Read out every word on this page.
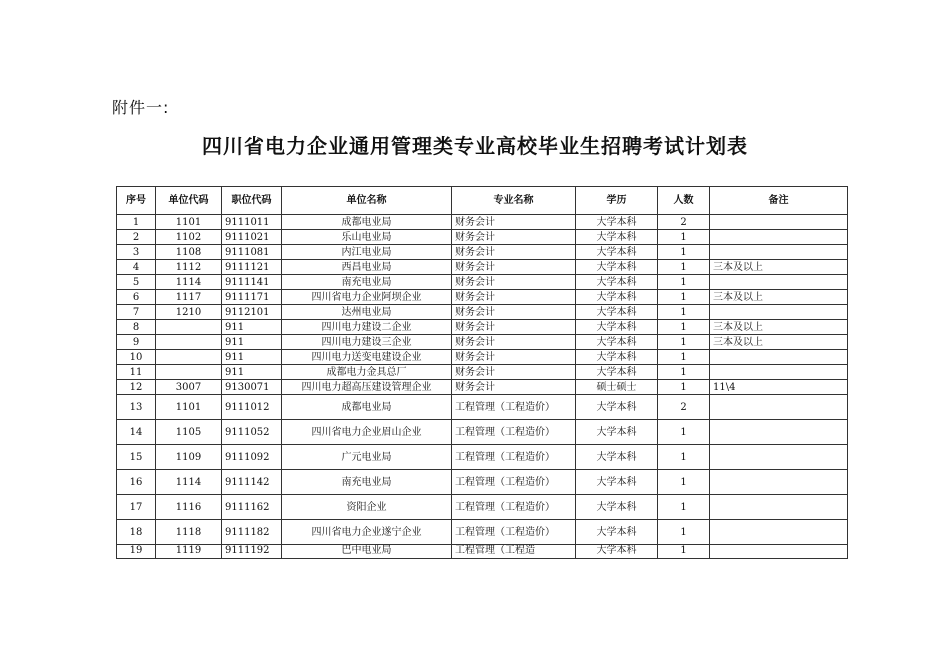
附件一:
四川省电力企业通用管理类专业高校毕业生招聘考试计划表
序号	单位代码	职位代码	单位名称	专业名称	学历	人数	备注
1	1101	9111011	成都电业局	财务会计	大学本科	2	
2	1102	9111021	乐山电业局	财务会计	大学本科	1	
3	1108	9111081	内江电业局	财务会计	大学本科	1	
4	1112	9111121	西昌电业局	财务会计	大学本科	1	三本及以上
5	1114	9111141	南充电业局	财务会计	大学本科	1	
6	1117	9111171	四川省电力企业阿坝企业	财务会计	大学本科	1	三本及以上
7	1210	9112101	达州电业局	财务会计	大学本科	1	
8		911	四川电力建设二企业	财务会计	大学本科	1	三本及以上
9		911	四川电力建设三企业	财务会计	大学本科	1	三本及以上
10		911	四川电力送变电建设企业	财务会计	大学本科	1	
11		911	成都电力金具总厂	财务会计	大学本科	1	
12	3007	9130071	四川电力超高压建设管理企业	财务会计	硕士硕士	1	11\4
13	1101	9111012	成都电业局	工程管理（工程造价）	大学本科	2	
14	1105	9111052	四川省电力企业眉山企业	工程管理（工程造价）	大学本科	1	
15	1109	9111092	广元电业局	工程管理（工程造价）	大学本科	1	
16	1114	9111142	南充电业局	工程管理（工程造价）	大学本科	1	
17	1116	9111162	资阳企业	工程管理（工程造价）	大学本科	1	
18	1118	9111182	四川省电力企业遂宁企业	工程管理（工程造价）	大学本科	1	
19	1119	9111192	巴中电业局	工程管理（工程造	大学本科	1	
